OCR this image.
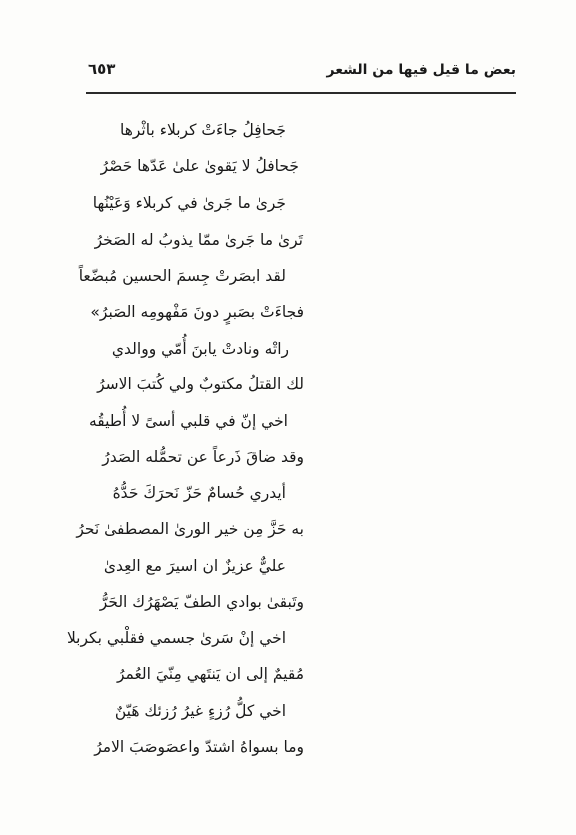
بعض ما قيل فيها من الشعر
٦٥٣
جَحافِلُ جاءَتْ كربلاء باثْرها
جَحافلُ لا يَقوىٰ علىٰ عَدّها حَصْرُ
جَرىٰ ما جَرىٰ في كربلاء وَعَيْنُها
تَرىٰ ما جَرىٰ ممّا يذوبُ له الصَخرُ
لقد ابصَرتْ جِسمَ الحسين مُبضّعاً
فجاءَتْ بصَبرٍ دونَ مَفْهومِه الصَبرُ»
راتْه ونادتْ يابنَ أُمّي ووالدي
لك القتلُ مكتوبٌ ولي كُتبَ الاسرُ
اخي إنّ في قلبي أسىً لا أُطيقُه
وقد ضاقَ ذَرعاً عن تحمُّله الصَدرُ
أيدري حُسامٌ حَزّ نَحرَكَ حَدُّهُ
به حَزَّ مِن خير الورىٰ المصطفىٰ نَحرُ
عليٌّ عزيزٌ ان اسيرَ مع العِدىٰ
وتَبقىٰ بوادي الطفّ يَصْهَرُك الحَرُّ
اخي إنْ سَرىٰ جسمي فقلْبي بكربلا
مُقيمٌ إلى ان يَنتَهي مِنّيَ العُمرُ
اخي كلُّ رُزءٍ غيرُ رُزئك هَيّنٌ
وما بسواهُ اشتدّ واعصَوصَبَ الامرُ
